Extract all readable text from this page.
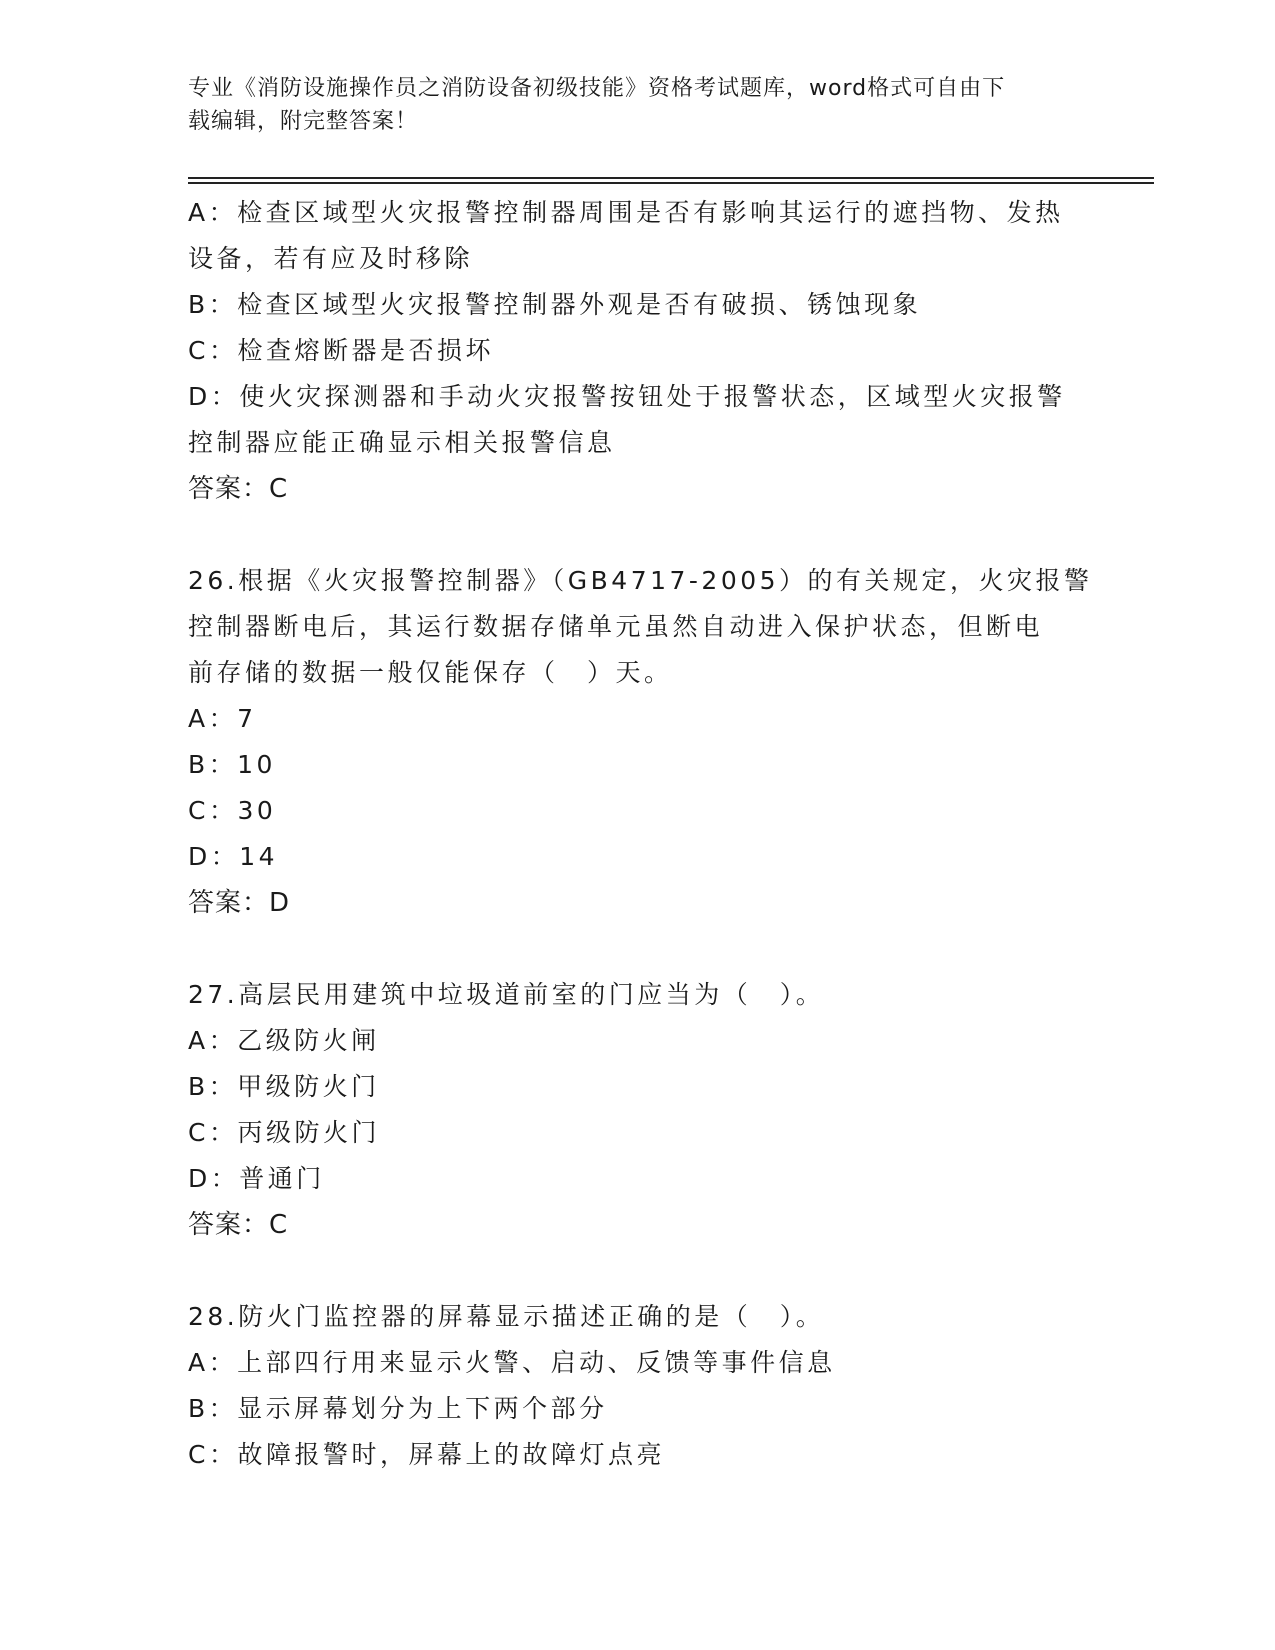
专业《消防设施操作员之消防设备初级技能》资格考试题库，word格式可自由下
载编辑，附完整答案！
A：检查区域型火灾报警控制器周围是否有影响其运行的遮挡物、发热
设备，若有应及时移除
B：检查区域型火灾报警控制器外观是否有破损、锈蚀现象
C：检查熔断器是否损坏
D：使火灾探测器和手动火灾报警按钮处于报警状态，区域型火灾报警
控制器应能正确显示相关报警信息
答案：C
26.根据《火灾报警控制器》（GB4717-2005）的有关规定，火灾报警
控制器断电后，其运行数据存储单元虽然自动进入保护状态，但断电
前存储的数据一般仅能保存（　）天。
A：7
B：10
C：30
D：14
答案：D
27.高层民用建筑中垃圾道前室的门应当为（　）。
A：乙级防火闸
B：甲级防火门
C：丙级防火门
D：普通门
答案：C
28.防火门监控器的屏幕显示描述正确的是（　）。
A：上部四行用来显示火警、启动、反馈等事件信息
B：显示屏幕划分为上下两个部分
C：故障报警时，屏幕上的故障灯点亮
